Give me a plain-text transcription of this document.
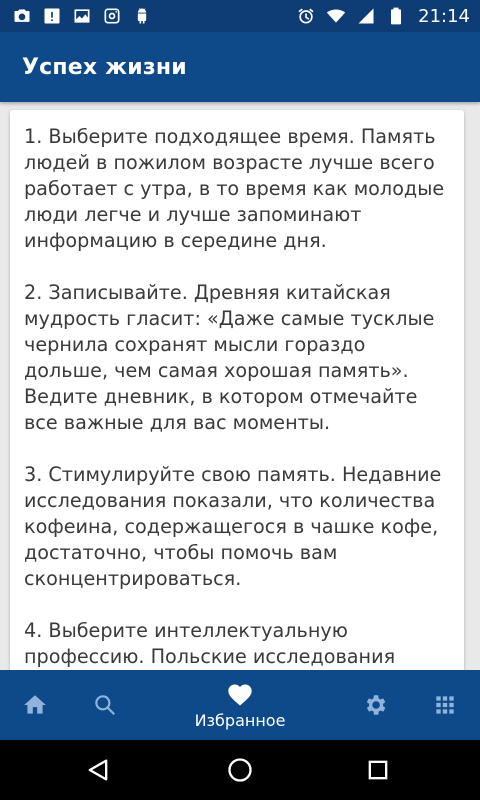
21:14
Успех жизни

1. Выберите подходящее время. Память людей в пожилом возрасте лучше всего работает с утра, в то время как молодые люди легче и лучше запоминают информацию в середине дня.

2. Записывайте. Древняя китайская мудрость гласит: «Даже самые тусклые чернила сохранят мысли гораздо дольше, чем самая хорошая память». Ведите дневник, в котором отмечайте все важные для вас моменты.

3. Стимулируйте свою память. Недавние исследования показали, что количества кофеина, содержащегося в чашке кофе, достаточно, чтобы помочь вам сконцентрироваться.

4. Выберите интеллектуальную профессию. Польские исследования

Избранное
